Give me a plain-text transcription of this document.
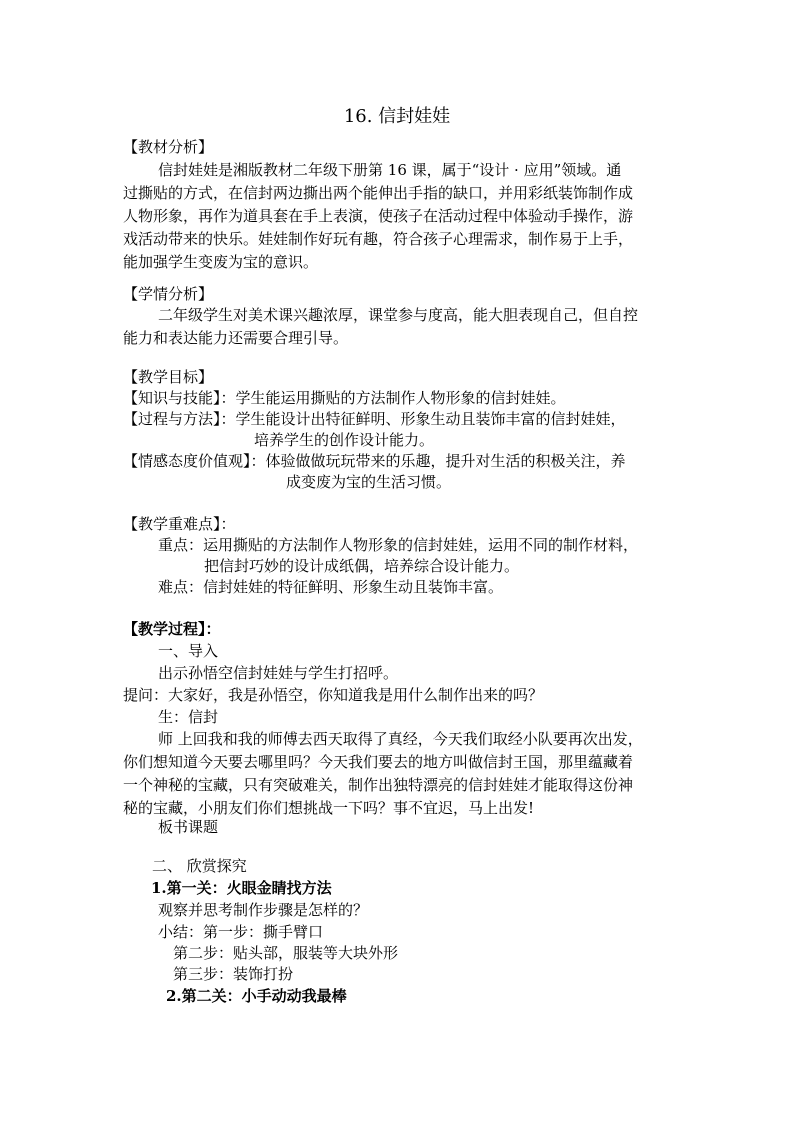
16. 信封娃娃
【教材分析】
信封娃娃是湘版教材二年级下册第 16 课，属于“设计 · 应用”领域。通
过撕贴的方式，在信封两边撕出两个能伸出手指的缺口，并用彩纸装饰制作成
人物形象，再作为道具套在手上表演，使孩子在活动过程中体验动手操作，游
戏活动带来的快乐。娃娃制作好玩有趣，符合孩子心理需求，制作易于上手，
能加强学生变废为宝的意识。
【学情分析】
二年级学生对美术课兴趣浓厚，课堂参与度高，能大胆表现自己，但自控
能力和表达能力还需要合理引导。
【教学目标】
【知识与技能】：学生能运用撕贴的方法制作人物形象的信封娃娃。
【过程与方法】：学生能设计出特征鲜明、形象生动且装饰丰富的信封娃娃，
培养学生的创作设计能力。
【情感态度价值观】：体验做做玩玩带来的乐趣，提升对生活的积极关注，养
成变废为宝的生活习惯。
【教学重难点】：
重点：运用撕贴的方法制作人物形象的信封娃娃，运用不同的制作材料，
把信封巧妙的设计成纸偶，培养综合设计能力。
难点：信封娃娃的特征鲜明、形象生动且装饰丰富。
【教学过程】：
一、导入
出示孙悟空信封娃娃与学生打招呼。
提问：大家好，我是孙悟空，你知道我是用什么制作出来的吗？
生：信封
师 上回我和我的师傅去西天取得了真经，今天我们取经小队要再次出发，
你们想知道今天要去哪里吗？今天我们要去的地方叫做信封王国，那里蕴藏着
一个神秘的宝藏，只有突破难关，制作出独特漂亮的信封娃娃才能取得这份神
秘的宝藏，小朋友们你们想挑战一下吗？事不宜迟，马上出发!
板书课题
二、 欣赏探究
1.第一关：火眼金睛找方法
观察并思考制作步骤是怎样的？
小结：第一步：撕手臂口
第二步：贴头部，服装等大块外形
第三步：装饰打扮
2.第二关：小手动动我最棒
